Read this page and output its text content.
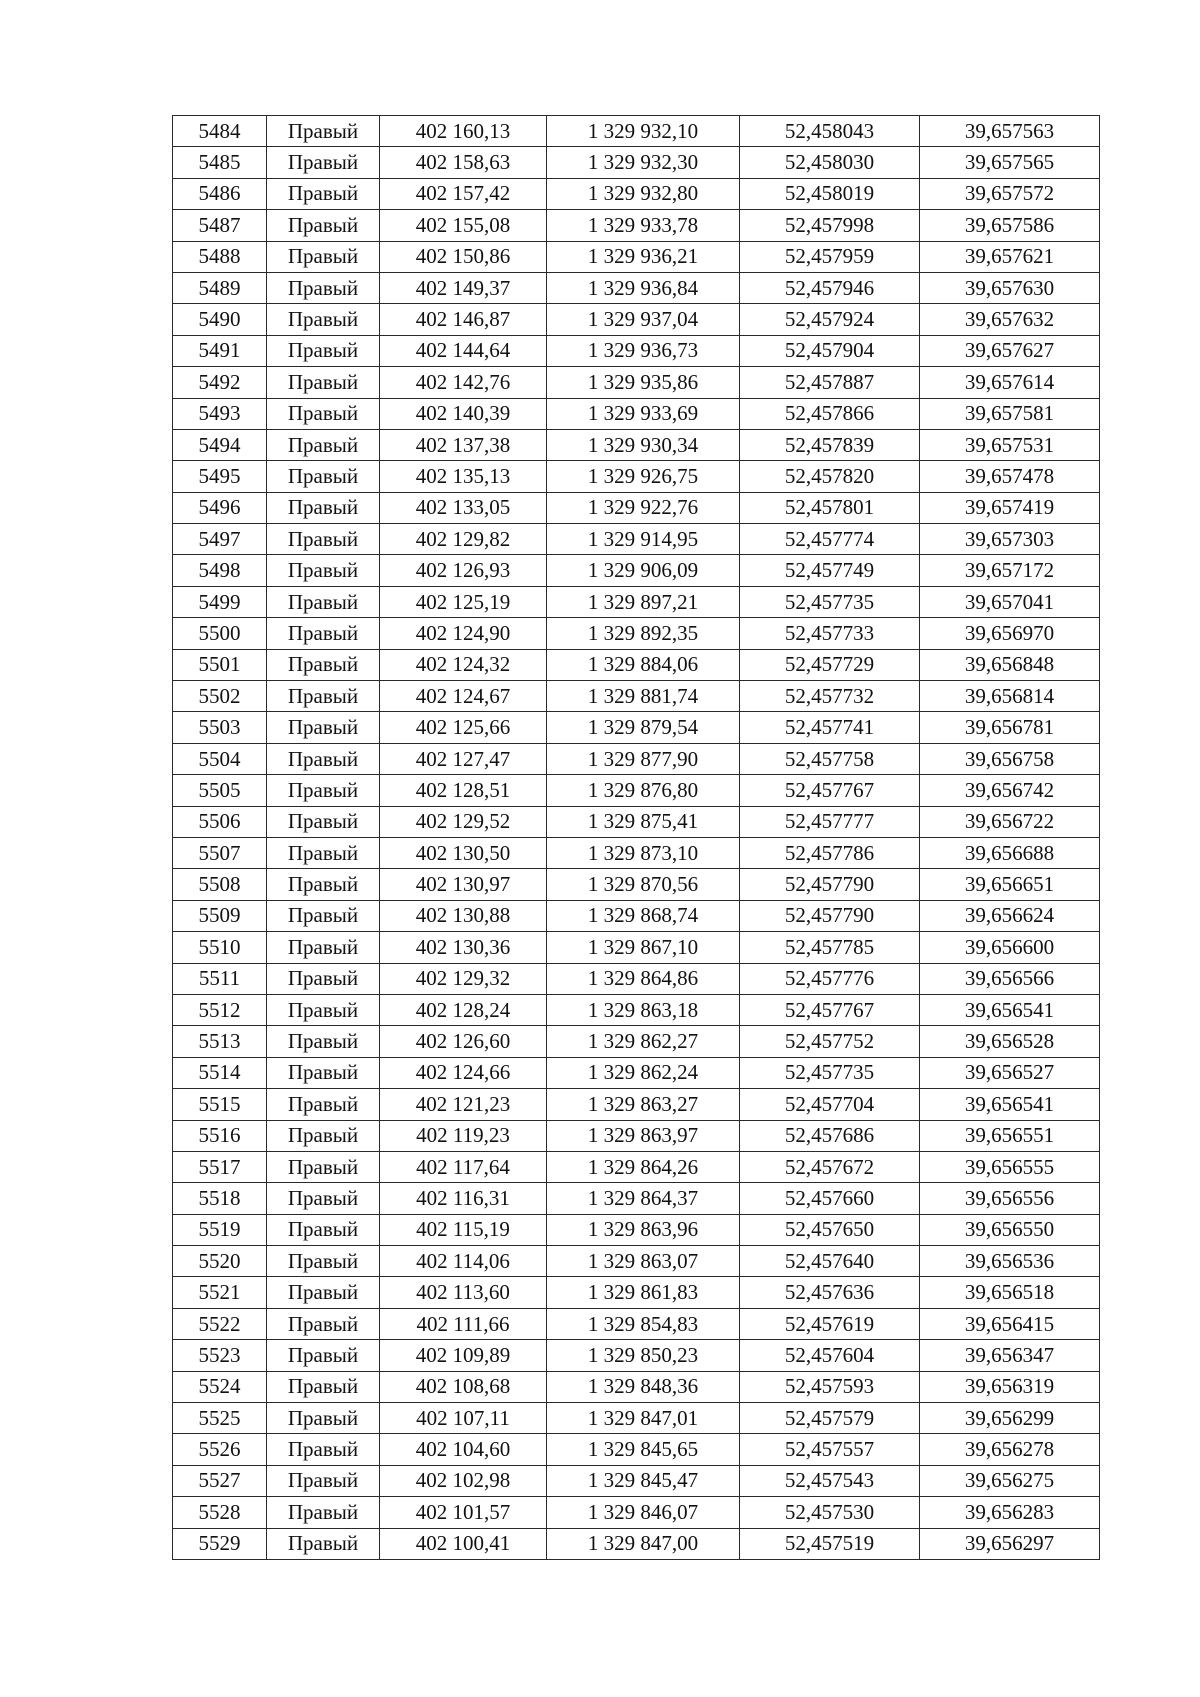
5484	Правый	402 160,13	1 329 932,10	52,458043	39,657563
5485	Правый	402 158,63	1 329 932,30	52,458030	39,657565
5486	Правый	402 157,42	1 329 932,80	52,458019	39,657572
5487	Правый	402 155,08	1 329 933,78	52,457998	39,657586
5488	Правый	402 150,86	1 329 936,21	52,457959	39,657621
5489	Правый	402 149,37	1 329 936,84	52,457946	39,657630
5490	Правый	402 146,87	1 329 937,04	52,457924	39,657632
5491	Правый	402 144,64	1 329 936,73	52,457904	39,657627
5492	Правый	402 142,76	1 329 935,86	52,457887	39,657614
5493	Правый	402 140,39	1 329 933,69	52,457866	39,657581
5494	Правый	402 137,38	1 329 930,34	52,457839	39,657531
5495	Правый	402 135,13	1 329 926,75	52,457820	39,657478
5496	Правый	402 133,05	1 329 922,76	52,457801	39,657419
5497	Правый	402 129,82	1 329 914,95	52,457774	39,657303
5498	Правый	402 126,93	1 329 906,09	52,457749	39,657172
5499	Правый	402 125,19	1 329 897,21	52,457735	39,657041
5500	Правый	402 124,90	1 329 892,35	52,457733	39,656970
5501	Правый	402 124,32	1 329 884,06	52,457729	39,656848
5502	Правый	402 124,67	1 329 881,74	52,457732	39,656814
5503	Правый	402 125,66	1 329 879,54	52,457741	39,656781
5504	Правый	402 127,47	1 329 877,90	52,457758	39,656758
5505	Правый	402 128,51	1 329 876,80	52,457767	39,656742
5506	Правый	402 129,52	1 329 875,41	52,457777	39,656722
5507	Правый	402 130,50	1 329 873,10	52,457786	39,656688
5508	Правый	402 130,97	1 329 870,56	52,457790	39,656651
5509	Правый	402 130,88	1 329 868,74	52,457790	39,656624
5510	Правый	402 130,36	1 329 867,10	52,457785	39,656600
5511	Правый	402 129,32	1 329 864,86	52,457776	39,656566
5512	Правый	402 128,24	1 329 863,18	52,457767	39,656541
5513	Правый	402 126,60	1 329 862,27	52,457752	39,656528
5514	Правый	402 124,66	1 329 862,24	52,457735	39,656527
5515	Правый	402 121,23	1 329 863,27	52,457704	39,656541
5516	Правый	402 119,23	1 329 863,97	52,457686	39,656551
5517	Правый	402 117,64	1 329 864,26	52,457672	39,656555
5518	Правый	402 116,31	1 329 864,37	52,457660	39,656556
5519	Правый	402 115,19	1 329 863,96	52,457650	39,656550
5520	Правый	402 114,06	1 329 863,07	52,457640	39,656536
5521	Правый	402 113,60	1 329 861,83	52,457636	39,656518
5522	Правый	402 111,66	1 329 854,83	52,457619	39,656415
5523	Правый	402 109,89	1 329 850,23	52,457604	39,656347
5524	Правый	402 108,68	1 329 848,36	52,457593	39,656319
5525	Правый	402 107,11	1 329 847,01	52,457579	39,656299
5526	Правый	402 104,60	1 329 845,65	52,457557	39,656278
5527	Правый	402 102,98	1 329 845,47	52,457543	39,656275
5528	Правый	402 101,57	1 329 846,07	52,457530	39,656283
5529	Правый	402 100,41	1 329 847,00	52,457519	39,656297
